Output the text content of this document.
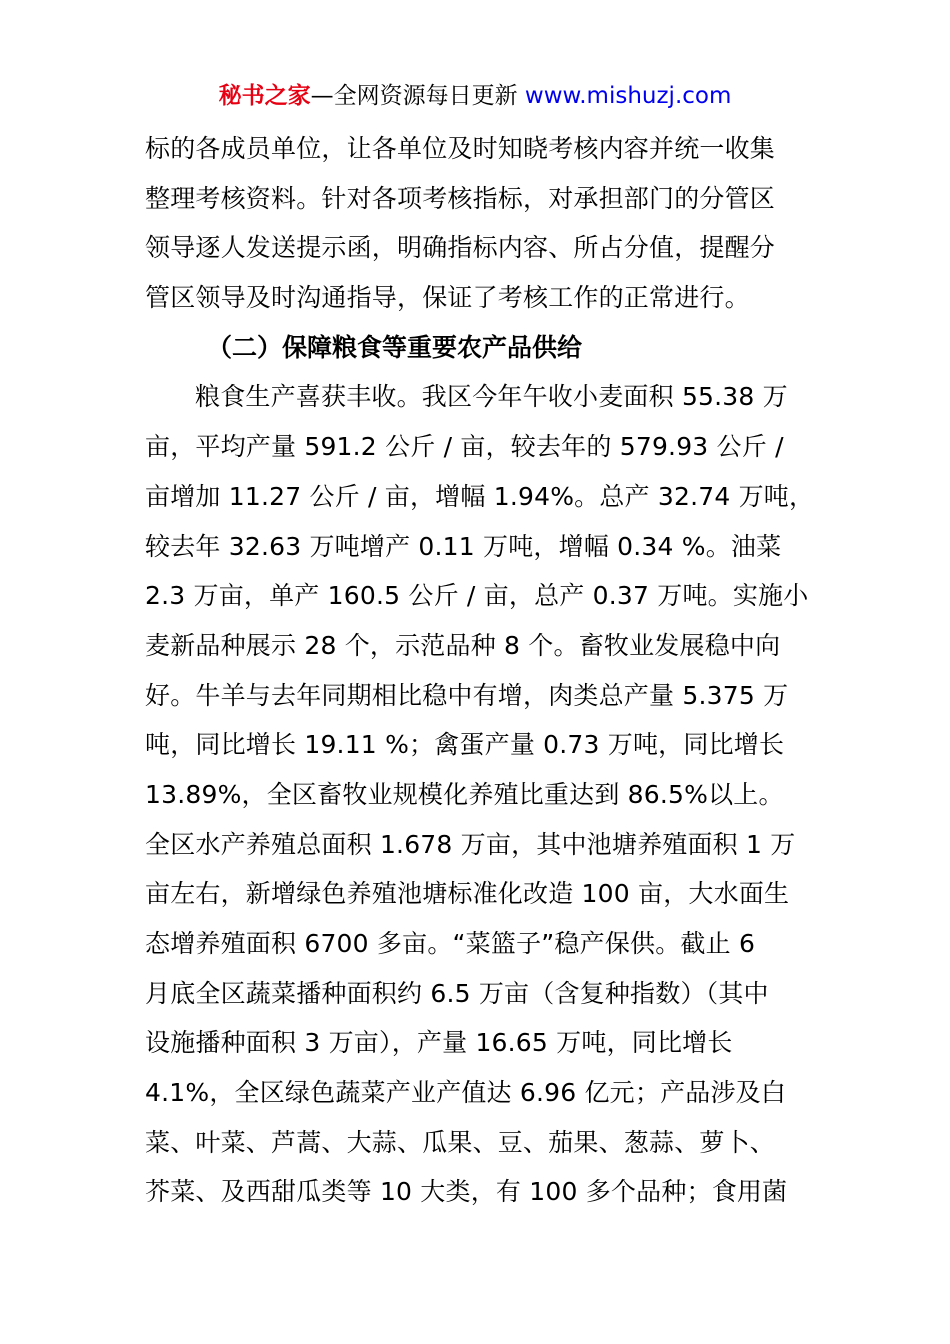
秘书之家—全网资源每日更新 www.mishuzj.com
标的各成员单位，让各单位及时知晓考核内容并统一收集
整理考核资料。针对各项考核指标，对承担部门的分管区
领导逐人发送提示函，明确指标内容、所占分值，提醒分
管区领导及时沟通指导，保证了考核工作的正常进行。
（二）保障粮食等重要农产品供给
粮食生产喜获丰收。我区今年午收小麦面积 55.38 万
亩，平均产量 591.2 公斤 / 亩，较去年的 579.93 公斤 /
亩增加 11.27 公斤 / 亩，增幅 1.94%。总产 32.74 万吨，
较去年 32.63 万吨增产 0.11 万吨，增幅 0.34 %。油菜
2.3 万亩，单产 160.5 公斤 / 亩，总产 0.37 万吨。实施小
麦新品种展示 28 个，示范品种 8 个。畜牧业发展稳中向
好。牛羊与去年同期相比稳中有增，肉类总产量 5.375 万
吨，同比增长 19.11 %；禽蛋产量 0.73 万吨，同比增长
13.89%，全区畜牧业规模化养殖比重达到 86.5%以上。
全区水产养殖总面积 1.678 万亩，其中池塘养殖面积 1 万
亩左右，新增绿色养殖池塘标准化改造 100 亩，大水面生
态增养殖面积 6700 多亩。“菜篮子”稳产保供。截止 6
月底全区蔬菜播种面积约 6.5 万亩（含复种指数）（其中
设施播种面积 3 万亩），产量 16.65 万吨，同比增长
4.1%，全区绿色蔬菜产业产值达 6.96 亿元；产品涉及白
菜、叶菜、芦蒿、大蒜、瓜果、豆、茄果、葱蒜、萝卜、
芥菜、及西甜瓜类等 10 大类，有 100 多个品种；食用菌
